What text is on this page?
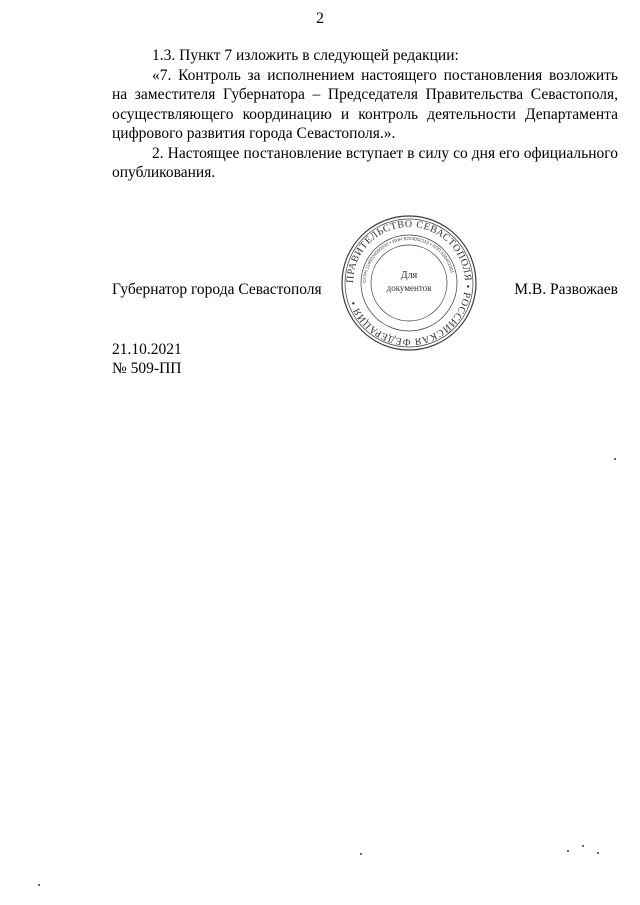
2

1.3. Пункт 7 изложить в следующей редакции:

«7. Контроль за исполнением настоящего постановления возложить на заместителя Губернатора – Председателя Правительства Севастополя, осуществляющего координацию и контроль деятельности Департамента цифрового развития города Севастополя.».

2. Настоящее постановление вступает в силу со дня его официального опубликования.

Губернатор города Севастополя	М.В. Развожаев
ПРАВИТЕЛЬСТВО СЕВАСТОПОЛЯ • РОССИЙСКАЯ ФЕДЕРАЦИЯ •
ОГРН 1149204000530 • ИНН 9204002115 • КПП 920401001
Для
документов
21.10.2021
№ 509-ПП
